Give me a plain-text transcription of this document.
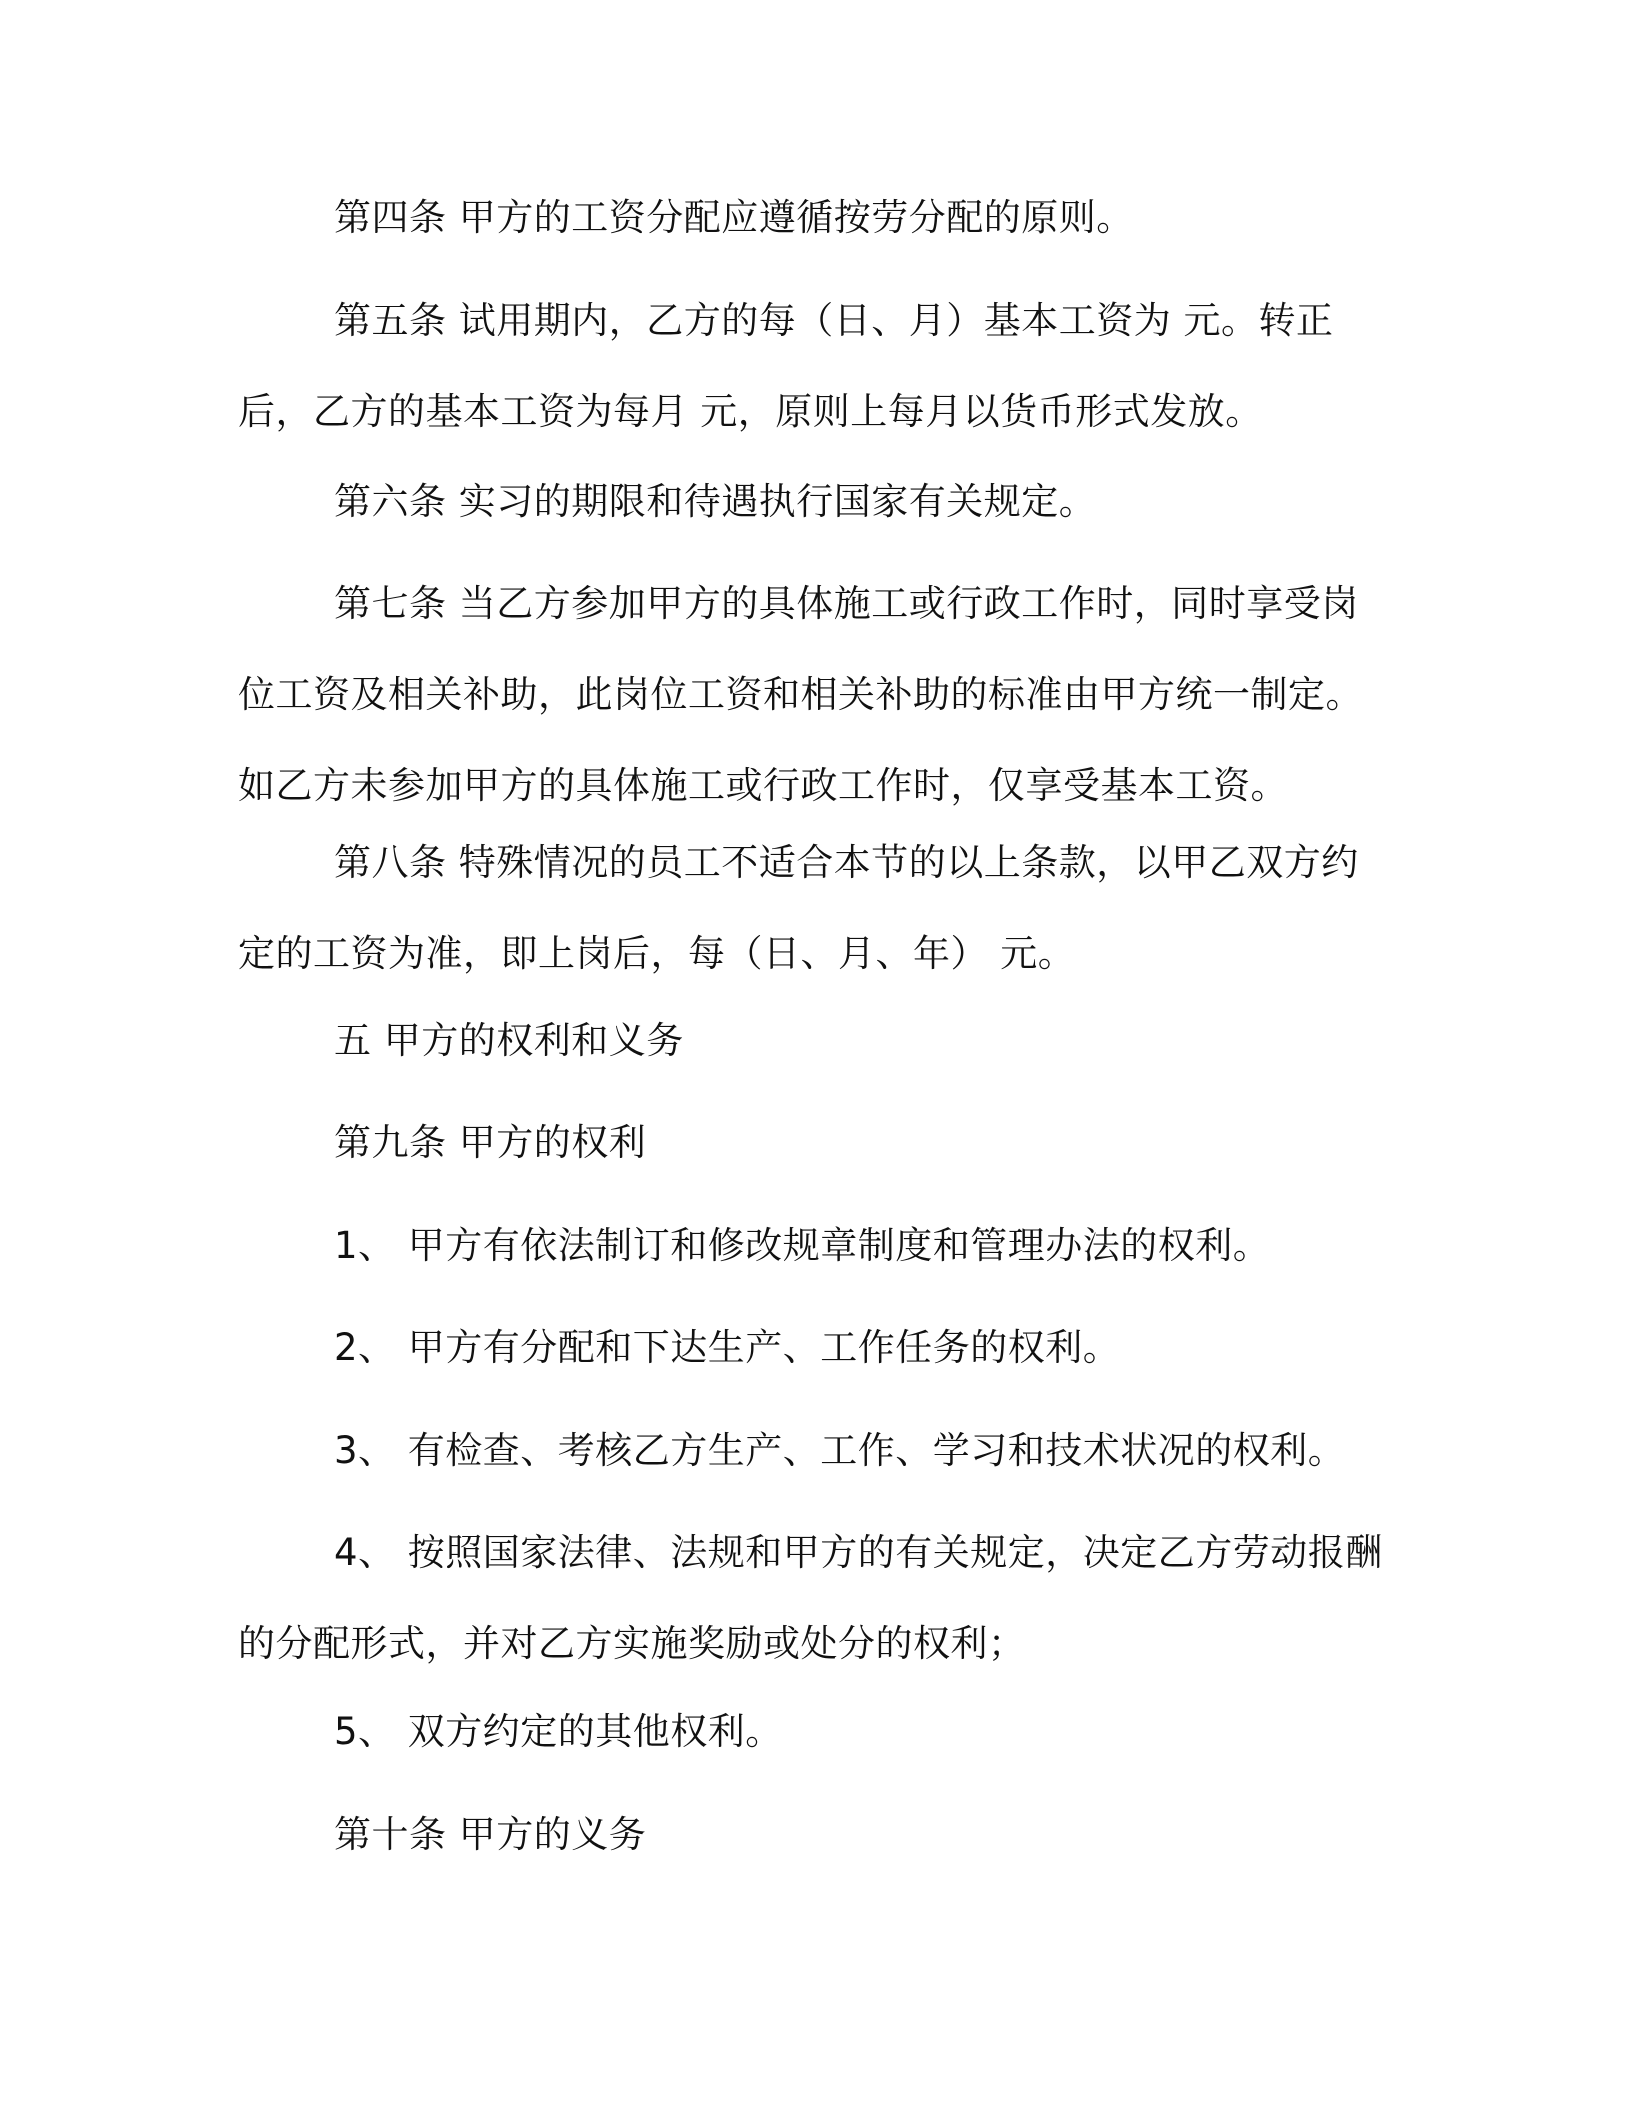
第四条 甲方的工资分配应遵循按劳分配的原则。

第五条 试用期内，乙方的每（日、月）基本工资为 元。转正后，乙方的基本工资为每月 元，原则上每月以货币形式发放。

第六条 实习的期限和待遇执行国家有关规定。

第七条 当乙方参加甲方的具体施工或行政工作时，同时享受岗位工资及相关补助，此岗位工资和相关补助的标准由甲方统一制定。如乙方未参加甲方的具体施工或行政工作时，仅享受基本工资。

第八条 特殊情况的员工不适合本节的以上条款，以甲乙双方约定的工资为准，即上岗后，每（日、月、年） 元。

五 甲方的权利和义务

第九条 甲方的权利

1、 甲方有依法制订和修改规章制度和管理办法的权利。

2、 甲方有分配和下达生产、工作任务的权利。

3、 有检查、考核乙方生产、工作、学习和技术状况的权利。

4、 按照国家法律、法规和甲方的有关规定，决定乙方劳动报酬的分配形式，并对乙方实施奖励或处分的权利；

5、 双方约定的其他权利。

第十条 甲方的义务
